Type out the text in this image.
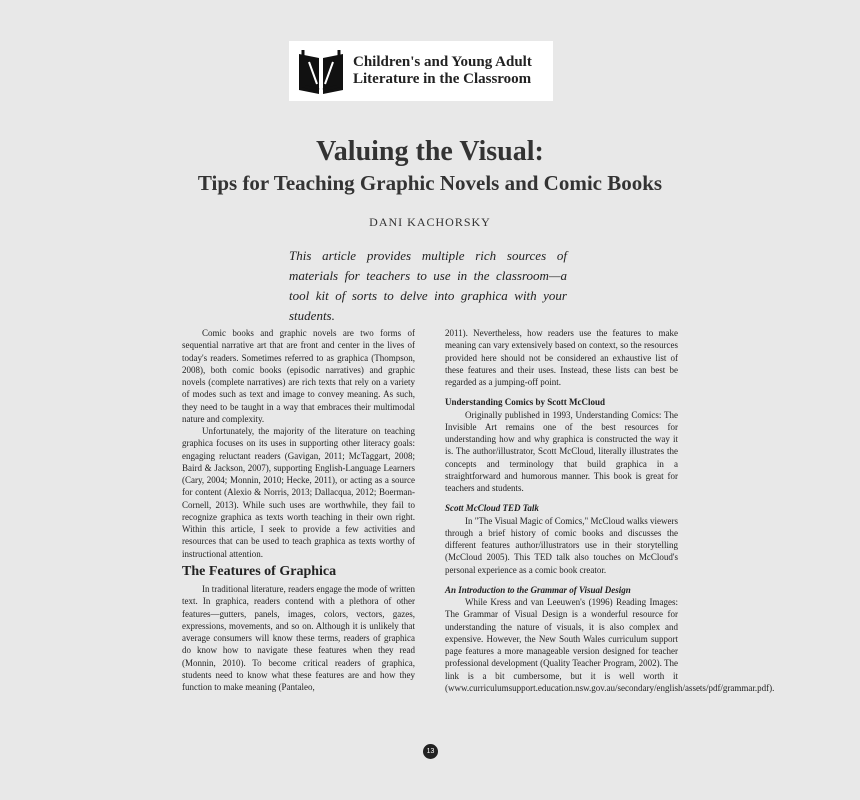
Children's and Young Adult
Literature in the Classroom
Valuing the Visual:
Tips for Teaching Graphic Novels and Comic Books
DANI KACHORSKY
This article provides multiple rich sources of materials for teachers to use in the classroom—a tool kit of sorts to delve into graphica with your students.

Comic books and graphic novels are two forms of sequential narrative art that are front and center in the lives of today's readers. Sometimes referred to as graphica (Thompson, 2008), both comic books (episodic narratives) and graphic novels (complete narratives) are rich texts that rely on a variety of modes such as text and image to convey meaning. As such, they need to be taught in a way that embraces their multimodal nature and complexity.

Unfortunately, the majority of the literature on teaching graphica focuses on its uses in supporting other literacy goals: engaging reluctant readers (Gavigan, 2011; McTaggart, 2008; Baird & Jackson, 2007), supporting English-Language Learners (Cary, 2004; Monnin, 2010; Hecke, 2011), or acting as a source for content (Alexio & Norris, 2013; Dallacqua, 2012; Boerman-Cornell, 2013). While such uses are worthwhile, they fail to recognize graphica as texts worth teaching in their own right. Within this article, I seek to provide a few activities and resources that can be used to teach graphica as texts worthy of instructional attention.

The Features of Graphica

In traditional literature, readers engage the mode of written text. In graphica, readers contend with a plethora of other features—gutters, panels, images, colors, vectors, gazes, expressions, movements, and so on. Although it is unlikely that average consumers will know these terms, readers of graphica do know how to navigate these features when they read (Monnin, 2010). To become critical readers of graphica, students need to know what these features are and how they function to make meaning (Pantaleo,

2011). Nevertheless, how readers use the features to make meaning can vary extensively based on context, so the resources provided here should not be considered an exhaustive list of these features and their uses. Instead, these lists can best be regarded as a jumping-off point.

Understanding Comics by Scott McCloud

Originally published in 1993, Understanding Comics: The Invisible Art remains one of the best resources for understanding how and why graphica is constructed the way it is. The author/illustrator, Scott McCloud, literally illustrates the concepts and terminology that build graphica in a straightforward and humorous manner. This book is great for teachers and students.

Scott McCloud TED Talk

In "The Visual Magic of Comics," McCloud walks viewers through a brief history of comic books and discusses the different features author/illustrators use in their storytelling (McCloud 2005). This TED talk also touches on McCloud's personal experience as a comic book creator.

An Introduction to the Grammar of Visual Design

While Kress and van Leeuwen's (1996) Reading Images: The Grammar of Visual Design is a wonderful resource for understanding the nature of visuals, it is also complex and expensive. However, the New South Wales curriculum support page features a more manageable version designed for teacher professional development (Quality Teacher Program, 2002). The link is a bit cumbersome, but it is well worth it (www.curriculumsupport.education.nsw.gov.au/secondary/english/assets/pdf/grammar.pdf).

13
